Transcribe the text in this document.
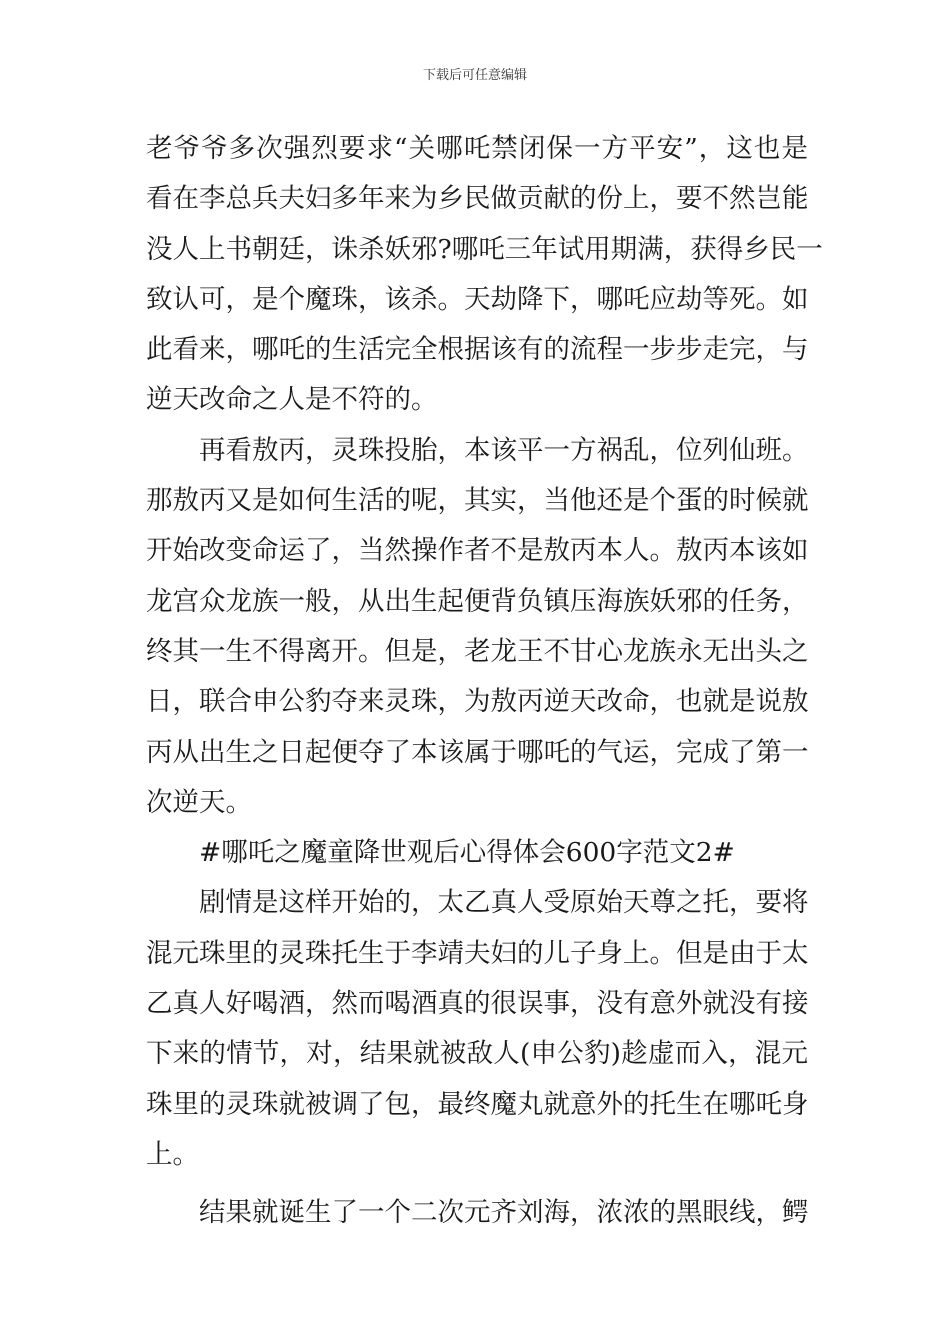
下载后可任意编辑
老爷爷多次强烈要求“关哪吒禁闭保一方平安”，这也是
看在李总兵夫妇多年来为乡民做贡献的份上，要不然岂能
没人上书朝廷，诛杀妖邪?哪吒三年试用期满，获得乡民一
致认可，是个魔珠，该杀。天劫降下，哪吒应劫等死。如
此看来，哪吒的生活完全根据该有的流程一步步走完，与
逆天改命之人是不符的。
再看敖丙，灵珠投胎，本该平一方祸乱，位列仙班。
那敖丙又是如何生活的呢，其实，当他还是个蛋的时候就
开始改变命运了，当然操作者不是敖丙本人。敖丙本该如
龙宫众龙族一般，从出生起便背负镇压海族妖邪的任务，
终其一生不得离开。但是，老龙王不甘心龙族永无出头之
日，联合申公豹夺来灵珠，为敖丙逆天改命，也就是说敖
丙从出生之日起便夺了本该属于哪吒的气运，完成了第一
次逆天。
#哪吒之魔童降世观后心得体会600字范文2#
剧情是这样开始的，太乙真人受原始天尊之托，要将
混元珠里的灵珠托生于李靖夫妇的儿子身上。但是由于太
乙真人好喝酒，然而喝酒真的很误事，没有意外就没有接
下来的情节，对，结果就被敌人(申公豹)趁虚而入，混元
珠里的灵珠就被调了包，最终魔丸就意外的托生在哪吒身
上。
结果就诞生了一个二次元齐刘海，浓浓的黑眼线，鳄
